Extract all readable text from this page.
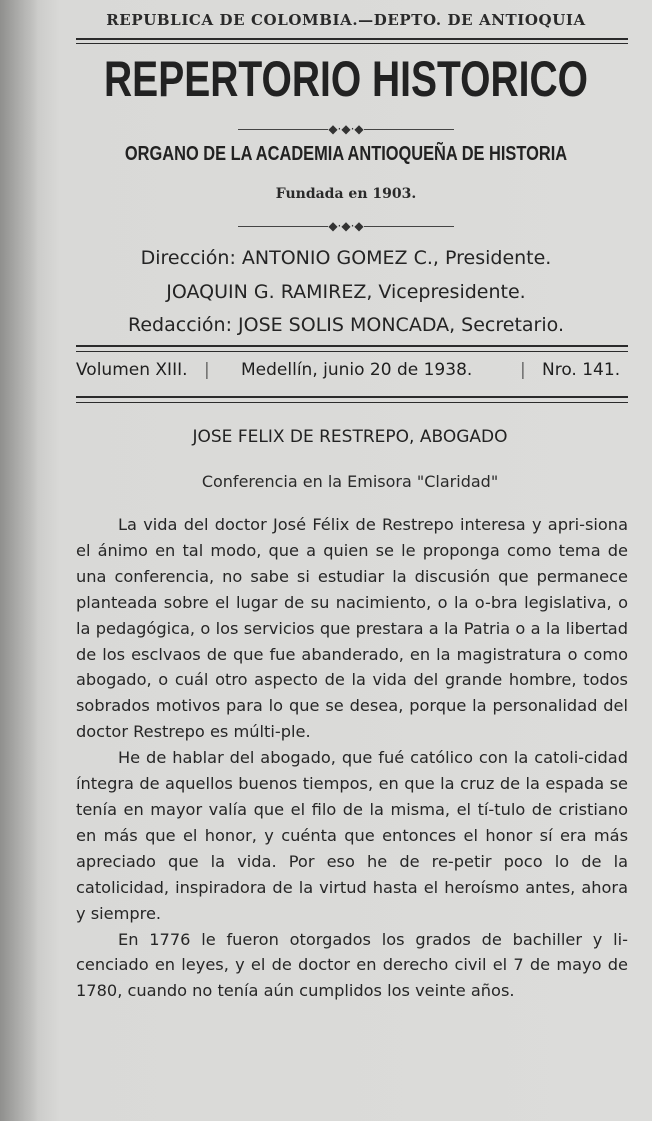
REPUBLICA DE COLOMBIA.—DEPTO. DE ANTIOQUIA
REPERTORIO HISTORICO
◆·◆·◆
ORGANO DE LA ACADEMIA ANTIOQUEÑA DE HISTORIA
Fundada en 1903.
◆·◆·◆
Dirección: ANTONIO GOMEZ C., Presidente.
JOAQUIN G. RAMIREZ, Vicepresidente.
Redacción: JOSE SOLIS MONCADA, Secretario.
Volumen XIII. | Medellín, junio 20 de 1938.	| Nro. 141.
JOSE FELIX DE RESTREPO, ABOGADO
Conferencia en la Emisora "Claridad"

La vida del doctor José Félix de Restrepo interesa y apri-siona el ánimo en tal modo, que a quien se le proponga como tema de una conferencia, no sabe si estudiar la discusión que permanece planteada sobre el lugar de su nacimiento, o la o-bra legislativa, o la pedagógica, o los servicios que prestara a la Patria o a la libertad de los esclvaos de que fue abanderado, en la magistratura o como abogado, o cuál otro aspecto de la vida del grande hombre, todos sobrados motivos para lo que se desea, porque la personalidad del doctor Restrepo es múlti-ple.

He de hablar del abogado, que fué católico con la catoli-cidad íntegra de aquellos buenos tiempos, en que la cruz de la espada se tenía en mayor valía que el filo de la misma, el tí-tulo de cristiano en más que el honor, y cuénta que entonces el honor sí era más apreciado que la vida. Por eso he de re-petir poco lo de la catolicidad, inspiradora de la virtud hasta el heroísmo antes, ahora y siempre.

En 1776 le fueron otorgados los grados de bachiller y li-cenciado en leyes, y el de doctor en derecho civil el 7 de mayo de 1780, cuando no tenía aún cumplidos los veinte años.
